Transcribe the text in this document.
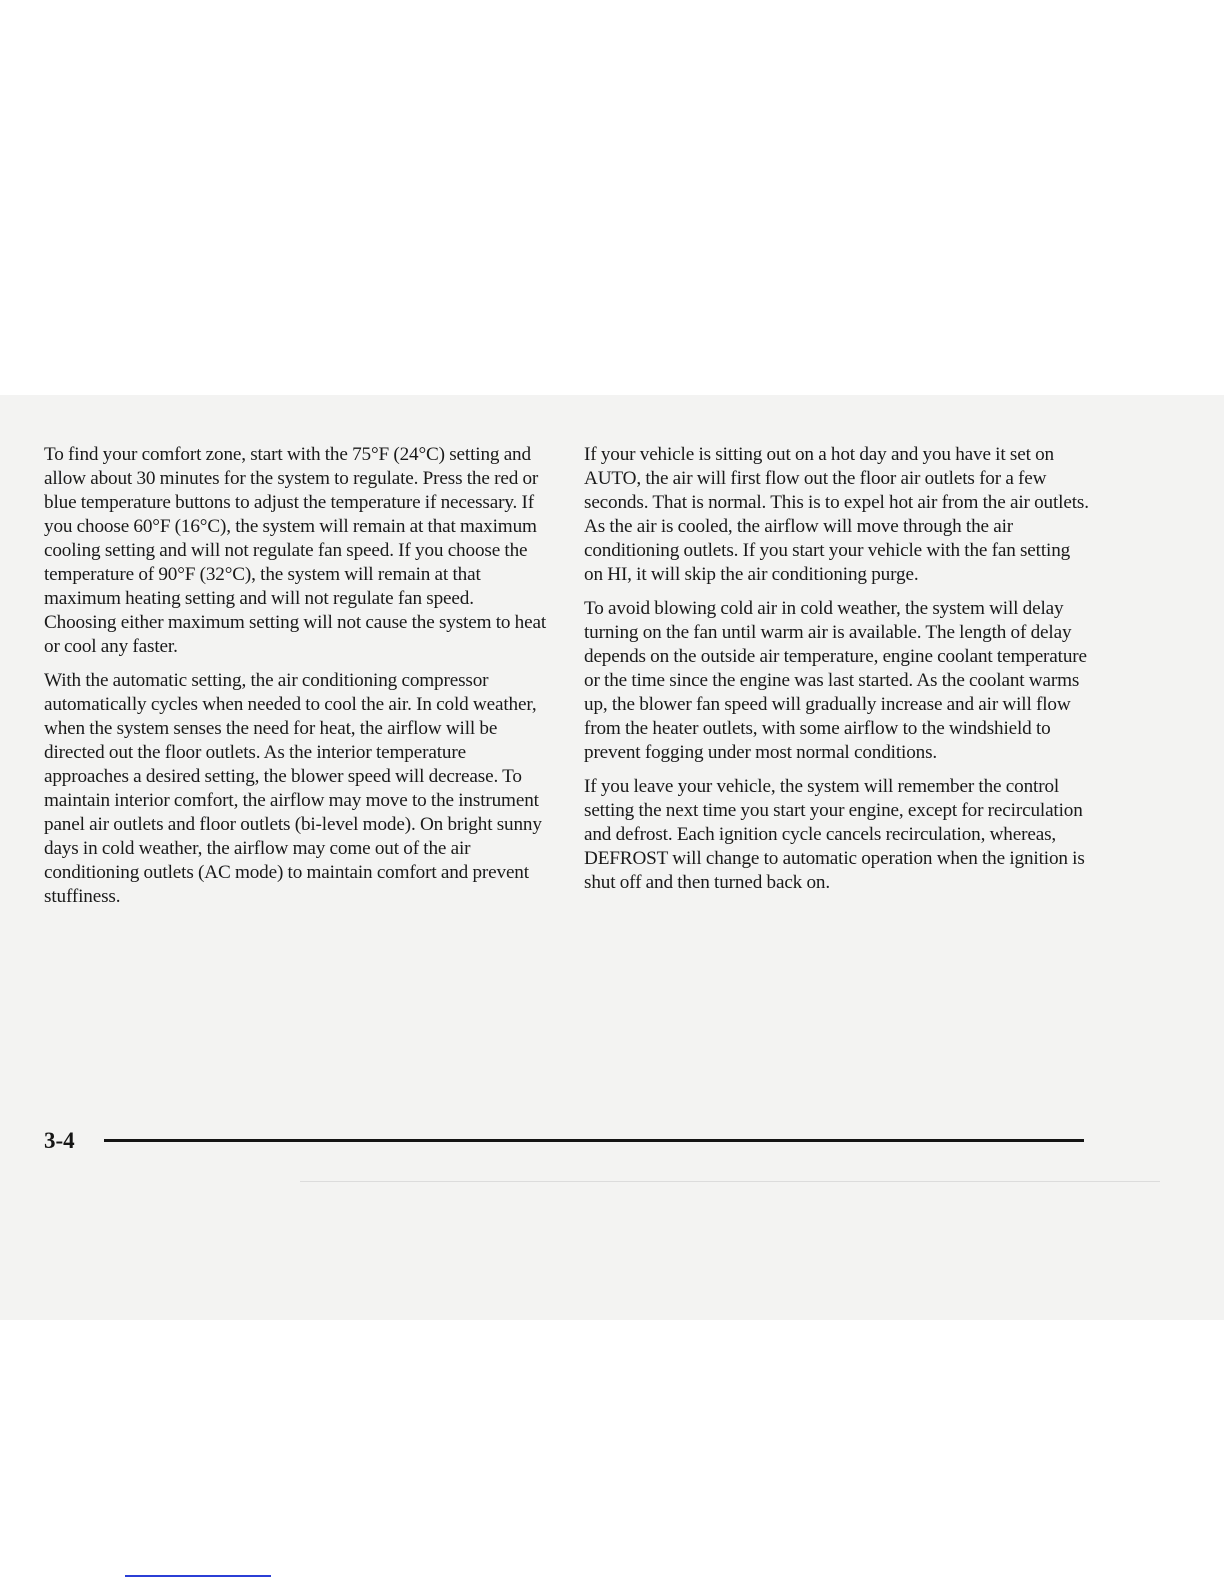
To find your comfort zone, start with the 75°F (24°C) setting and allow about 30 minutes for the system to regulate. Press the red or blue temperature buttons to adjust the temperature if necessary. If you choose 60°F (16°C), the system will remain at that maximum cooling setting and will not regulate fan speed. If you choose the temperature of 90°F (32°C), the system will remain at that maximum heating setting and will not regulate fan speed. Choosing either maximum setting will not cause the system to heat or cool any faster.

With the automatic setting, the air conditioning compressor automatically cycles when needed to cool the air. In cold weather, when the system senses the need for heat, the airflow will be directed out the floor outlets. As the interior temperature approaches a desired setting, the blower speed will decrease. To maintain interior comfort, the airflow may move to the instrument panel air outlets and floor outlets (bi-level mode). On bright sunny days in cold weather, the airflow may come out of the air conditioning outlets (AC mode) to maintain comfort and prevent stuffiness.

If your vehicle is sitting out on a hot day and you have it set on AUTO, the air will first flow out the floor air outlets for a few seconds. That is normal. This is to expel hot air from the air outlets. As the air is cooled, the airflow will move through the air conditioning outlets. If you start your vehicle with the fan setting on HI, it will skip the air conditioning purge.

To avoid blowing cold air in cold weather, the system will delay turning on the fan until warm air is available. The length of delay depends on the outside air temperature, engine coolant temperature or the time since the engine was last started. As the coolant warms up, the blower fan speed will gradually increase and air will flow from the heater outlets, with some airflow to the windshield to prevent fogging under most normal conditions.

If you leave your vehicle, the system will remember the control setting the next time you start your engine, except for recirculation and defrost. Each ignition cycle cancels recirculation, whereas, DEFROST will change to automatic operation when the ignition is shut off and then turned back on.

3-4
